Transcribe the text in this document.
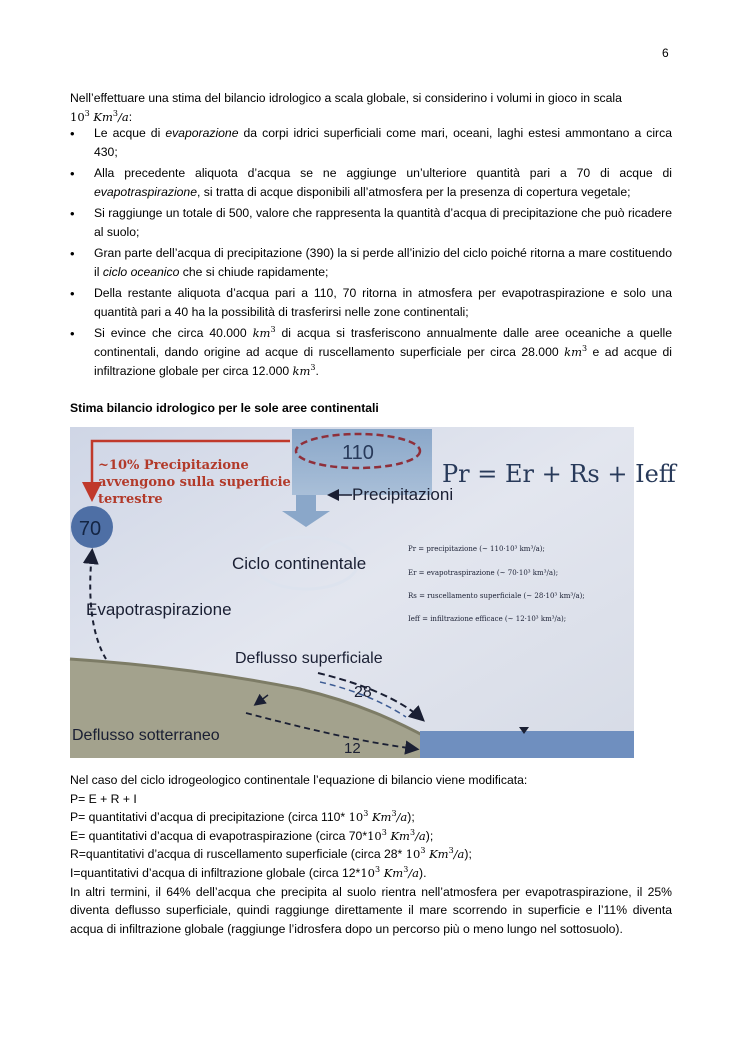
6
Nell’effettuare una stima del bilancio idrologico a scala globale, si considerino i volumi in gioco in scala
$10^3$ Km$^3$/a:
• Le acque di evaporazione da corpi idrici superficiali come mari, oceani, laghi estesi ammontano a circa 430;
• Alla precedente aliquota d’acqua se ne aggiunge un’ulteriore quantità pari a 70 di acque di evapotraspirazione, si tratta di acque disponibili all’atmosfera per la presenza di copertura vegetale;
• Si raggiunge un totale di 500, valore che rappresenta la quantità d’acqua di precipitazione che può ricadere al suolo;
• Gran parte dell’acqua di precipitazione (390) la si perde all’inizio del ciclo poiché ritorna a mare costituendo il ciclo oceanico che si chiude rapidamente;
• Della restante aliquota d’acqua pari a 110, 70 ritorna in atmosfera per evapotraspirazione e solo una quantità pari a 40 ha la possibilità di trasferirsi nelle zone continentali;
• Si evince che circa 40.000 $km^3$ di acqua si trasferiscono annualmente dalle aree oceaniche a quelle continentali, dando origine ad acque di ruscellamento superficiale per circa 28.000 $km^3$ e ad acque di infiltrazione globale per circa 12.000 $km^3$.
Stima bilancio idrologico per le sole aree continentali
110
~10% Precipitazione
avvengono sulla superficie
terrestre
70
Precipitazioni
Pr = Er + Rs + Ieff
Ciclo continentale
Pr = precipitazione (~ 110·10³ km³/a);
Er = evapotraspirazione (~ 70·10³ km³/a);
Rs = ruscellamento superficiale (~ 28·10³ km³/a);
Ieff = infiltrazione efficace (~ 12·10³ km³/a);
Evapotraspirazione
Deflusso superficiale
28
Deflusso sotterraneo
12

Nel caso del ciclo idrogeologico continentale l’equazione di bilancio viene modificata:

P= E + R + I

P= quantitativi d’acqua di precipitazione (circa 110* $10^3$ Km$^3$/a);

E= quantitativi d’acqua di evapotraspirazione (circa $70*10^3$ Km$^3$/a);

R=quantitativi d’acqua di ruscellamento superficiale (circa 28* $10^3$ Km$^3$/a);

I=quantitativi d’acqua di infiltrazione globale (circa $12*10^3$ Km$^3$/a).

In altri termini, il 64% dell’acqua che precipita al suolo rientra nell’atmosfera per evapotraspirazione, il 25% diventa deflusso superficiale, quindi raggiunge direttamente il mare scorrendo in superficie e l’11% diventa acqua di infiltrazione globale (raggiunge l’idrosfera dopo un percorso più o meno lungo nel sottosuolo).
